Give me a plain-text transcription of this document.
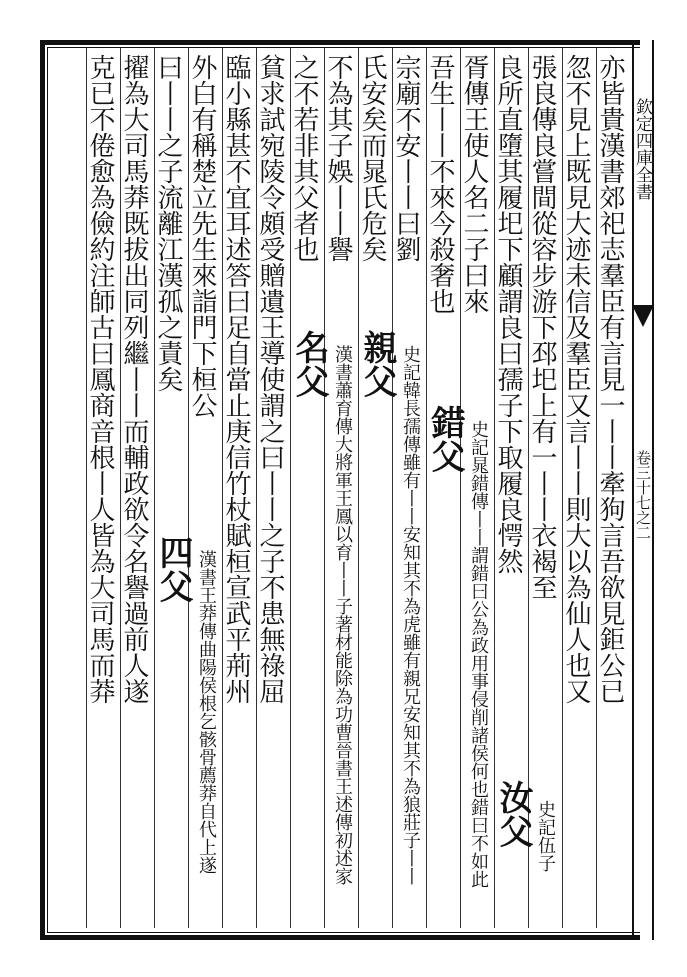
欽定四庫全書
卷三十七之二
亦皆貴漢書郊祀志羣臣有言見一丨丨牽狗言吾欲見鉅公已
忽不見上既見大迹未信及羣臣又言丨丨則大以為仙人也又
張良傳良嘗間從容步游下邳圯上有一丨丨衣褐至
良所直墮其履圯下顧謂良曰孺子下取履良愕然
胥傳王使人名二子曰來
吾生丨丨不來今殺奢也
宗廟不安丨丨曰劉
氏安矣而晁氏危矣
不為其子娛丨丨譽
之不若非其父者也
貧求試宛陵令頗受贈遺王導使謂之曰丨丨之子不患無祿屈
臨小縣甚不宜耳述答曰足自當止庚信竹杖賦桓宣武平荊州
外白有稱楚立先生來詣門下桓公
曰丨丨之子流離江漢孤之責矣
擢為大司馬莽既拔出同列繼丨丨而輔政欲令名譽過前人遂
克已不倦愈為儉約注師古曰鳳商音根丨人皆為大司馬而莽
汝父 史記伍子
錯父 史記晁錯傳丨丨謂錯曰公為政用事侵削諸侯何也錯曰不如此
親父 史記韓長孺傳雖有丨丨安知其不為虎雖有親兄安知其不為狼莊子丨丨
名父 漢書蕭育傳大將軍王鳳以育丨丨子著材能除為功曹晉書王述傳初述家
四父 漢書王莽傳曲陽侯根乞骸骨薦莽自代上遂
